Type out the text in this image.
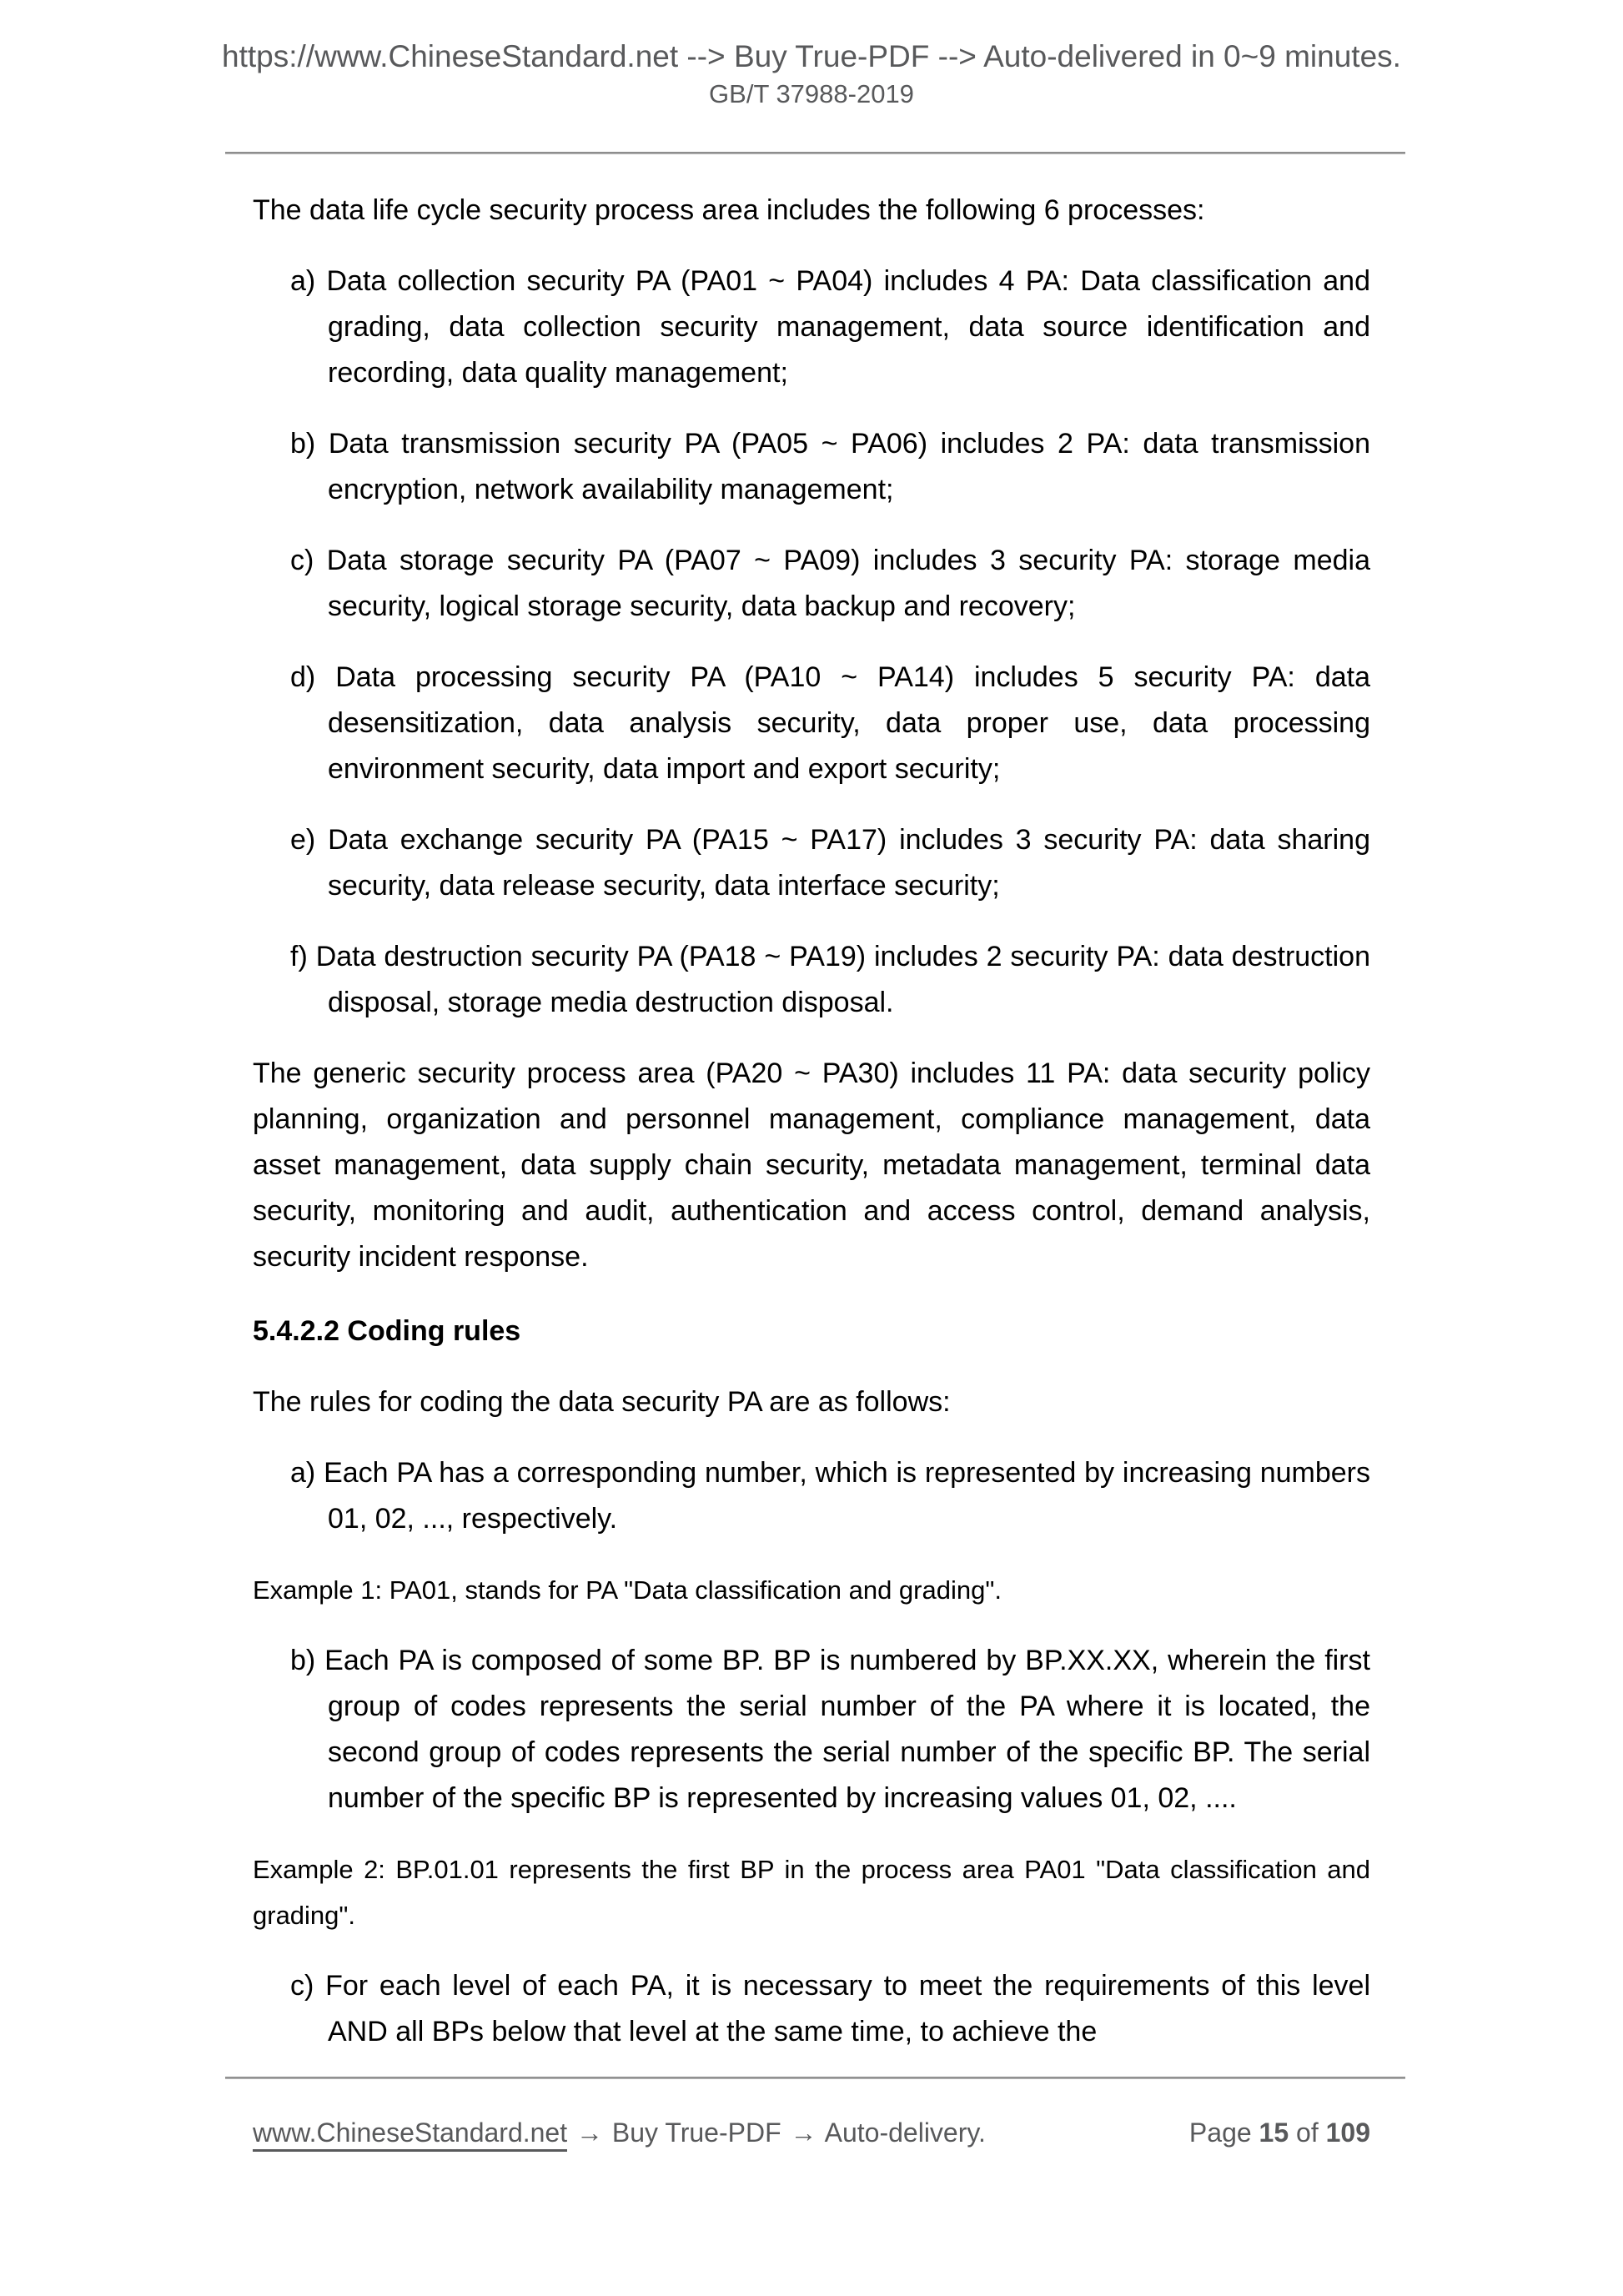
https://www.ChineseStandard.net --> Buy True-PDF --> Auto-delivered in 0~9 minutes.
GB/T 37988-2019

The data life cycle security process area includes the following 6 processes:

a) Data collection security PA (PA01 ~ PA04) includes 4 PA: Data classification and grading, data collection security management, data source identification and recording, data quality management;

b) Data transmission security PA (PA05 ~ PA06) includes 2 PA: data transmission encryption, network availability management;

c) Data storage security PA (PA07 ~ PA09) includes 3 security PA: storage media security, logical storage security, data backup and recovery;

d) Data processing security PA (PA10 ~ PA14) includes 5 security PA: data desensitization, data analysis security, data proper use, data processing environment security, data import and export security;

e) Data exchange security PA (PA15 ~ PA17) includes 3 security PA: data sharing security, data release security, data interface security;

f) Data destruction security PA (PA18 ~ PA19) includes 2 security PA: data destruction disposal, storage media destruction disposal.

The generic security process area (PA20 ~ PA30) includes 11 PA: data security policy planning, organization and personnel management, compliance management, data asset management, data supply chain security, metadata management, terminal data security, monitoring and audit, authentication and access control, demand analysis, security incident response.

5.4.2.2 Coding rules

The rules for coding the data security PA are as follows:

a) Each PA has a corresponding number, which is represented by increasing numbers 01, 02, ..., respectively.

Example 1: PA01, stands for PA "Data classification and grading".

b) Each PA is composed of some BP. BP is numbered by BP.XX.XX, wherein the first group of codes represents the serial number of the PA where it is located, the second group of codes represents the serial number of the specific BP. The serial number of the specific BP is represented by increasing values 01, 02, ....

Example 2: BP.01.01 represents the first BP in the process area PA01 "Data classification and grading".

c) For each level of each PA, it is necessary to meet the requirements of this level AND all BPs below that level at the same time, to achieve the

www.ChineseStandard.net → Buy True-PDF → Auto-delivery.	Page 15 of 109
